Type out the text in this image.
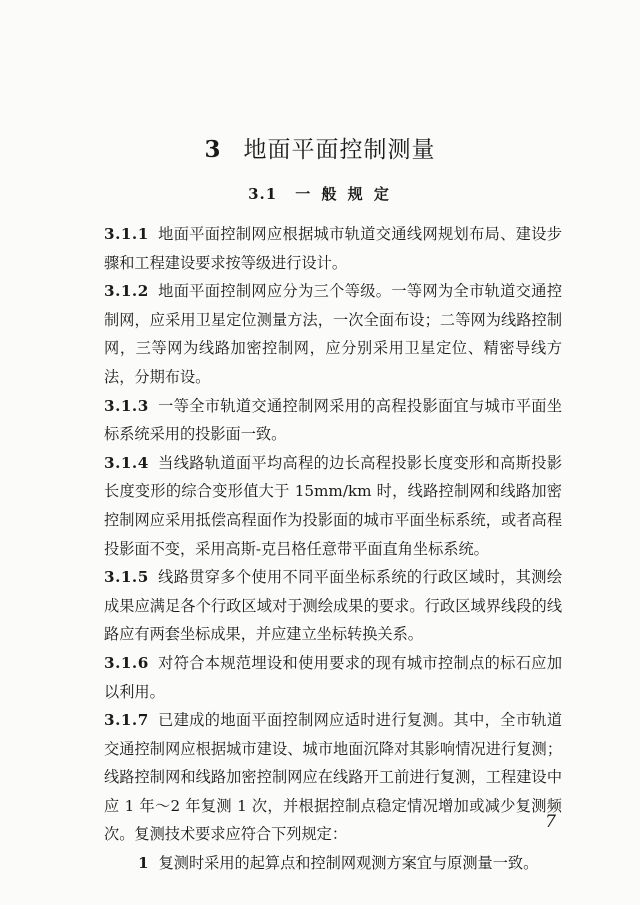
3 地面平面控制测量
3.1 一 般 规 定

3.1.1 地面平面控制网应根据城市轨道交通线网规划布局、建设步骤和工程建设要求按等级进行设计。

3.1.2 地面平面控制网应分为三个等级。一等网为全市轨道交通控制网，应采用卫星定位测量方法，一次全面布设；二等网为线路控制网，三等网为线路加密控制网，应分别采用卫星定位、精密导线方法，分期布设。

3.1.3 一等全市轨道交通控制网采用的高程投影面宜与城市平面坐标系统采用的投影面一致。

3.1.4 当线路轨道面平均高程的边长高程投影长度变形和高斯投影长度变形的综合变形值大于 15mm/km 时，线路控制网和线路加密控制网应采用抵偿高程面作为投影面的城市平面坐标系统，或者高程投影面不变，采用高斯-克吕格任意带平面直角坐标系统。

3.1.5 线路贯穿多个使用不同平面坐标系统的行政区域时，其测绘成果应满足各个行政区域对于测绘成果的要求。行政区域界线段的线路应有两套坐标成果，并应建立坐标转换关系。

3.1.6 对符合本规范埋设和使用要求的现有城市控制点的标石应加以利用。

3.1.7 已建成的地面平面控制网应适时进行复测。其中，全市轨道交通控制网应根据城市建设、城市地面沉降对其影响情况进行复测；线路控制网和线路加密控制网应在线路开工前进行复测，工程建设中应 1 年～2 年复测 1 次，并根据控制点稳定情况增加或减少复测频次。复测技术要求应符合下列规定：

1 复测时采用的起算点和控制网观测方案宜与原测量一致。

7
